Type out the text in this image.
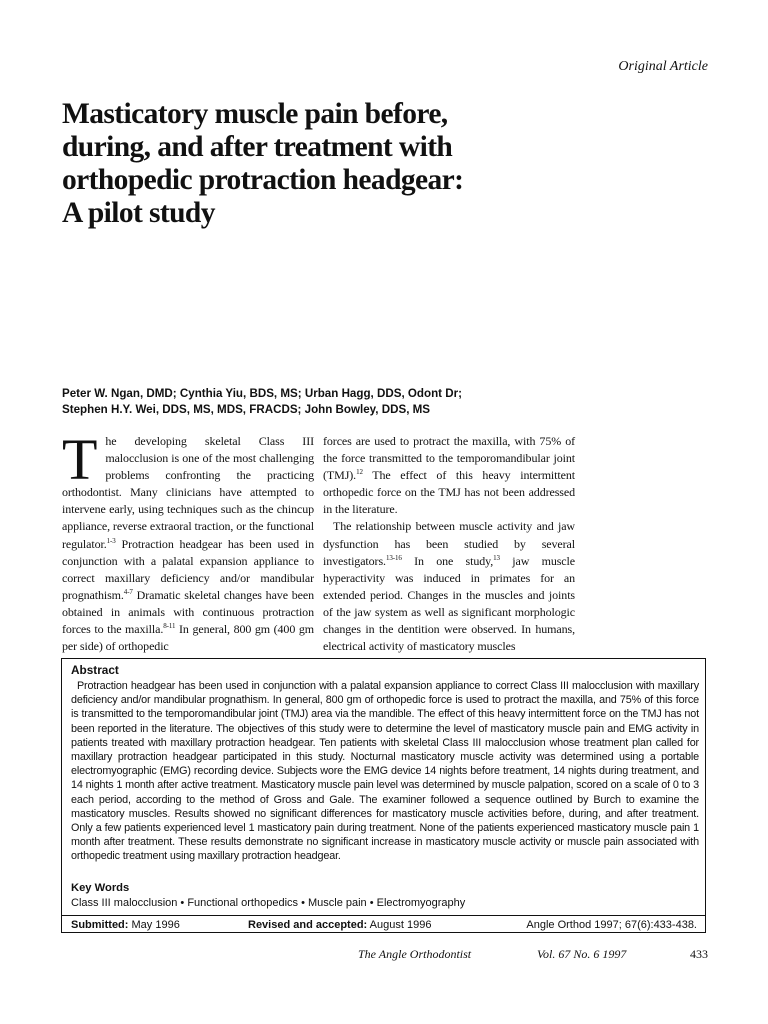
Original Article
Masticatory muscle pain before,
during, and after treatment with
orthopedic protraction headgear:
A pilot study
Peter W. Ngan, DMD; Cynthia Yiu, BDS, MS; Urban Hagg, DDS, Odont Dr;
Stephen H.Y. Wei, DDS, MS, MDS, FRACDS; John Bowley, DDS, MS

The developing skeletal Class III malocclusion is one of the most challenging problems confronting the practicing orthodontist. Many clinicians have attempted to intervene early, using techniques such as the chincup appliance, reverse extraoral traction, or the functional regulator.$^{1-3}$ Protraction headgear has been used in conjunction with a palatal expansion appliance to correct maxillary deficiency and/or mandibular prognathism.$^{4-7}$ Dramatic skeletal changes have been obtained in animals with continuous protraction forces to the maxilla.$^{8-11}$ In general, 800 gm (400 gm per side) of orthopedic

forces are used to protract the maxilla, with 75% of the force transmitted to the temporomandibular joint (TMJ).$^{12}$ The effect of this heavy intermittent orthopedic force on the TMJ has not been addressed in the literature.

The relationship between muscle activity and jaw dysfunction has been studied by several investigators.$^{13-16}$ In one study,$^{13}$ jaw muscle hyperactivity was induced in primates for an extended period. Changes in the muscles and joints of the jaw system as well as significant morphologic changes in the dentition were observed. In humans, electrical activity of masticatory muscles

Abstract
Protraction headgear has been used in conjunction with a palatal expansion appliance to correct Class III malocclusion with maxillary deficiency and/or mandibular prognathism. In general, 800 gm of orthopedic force is used to protract the maxilla, and 75% of this force is transmitted to the temporomandibular joint (TMJ) area via the mandible. The effect of this heavy intermittent force on the TMJ has not been reported in the literature. The objectives of this study were to determine the level of masticatory muscle pain and EMG activity in patients treated with maxillary protraction headgear. Ten patients with skeletal Class III malocclusion whose treatment plan called for maxillary protraction headgear participated in this study. Nocturnal masticatory muscle activity was determined using a portable electromyographic (EMG) recording device. Subjects wore the EMG device 14 nights before treatment, 14 nights during treatment, and 14 nights 1 month after active treatment. Masticatory muscle pain level was determined by muscle palpation, scored on a scale of 0 to 3 each period, according to the method of Gross and Gale. The examiner followed a sequence outlined by Burch to examine the masticatory muscles. Results showed no significant differences for masticatory muscle activities before, during, and after treatment. Only a few patients experienced level 1 masticatory pain during treatment. None of the patients experienced masticatory muscle pain 1 month after treatment. These results demonstrate no significant increase in masticatory muscle activity or muscle pain associated with orthopedic treatment using maxillary protraction headgear.
Key Words
Class III malocclusion • Functional orthopedics • Muscle pain • Electromyography
Submitted: May 1996	Revised and accepted: August 1996	Angle Orthod 1997; 67(6):433-438.
The Angle Orthodontist	Vol. 67 No. 6 1997	433
